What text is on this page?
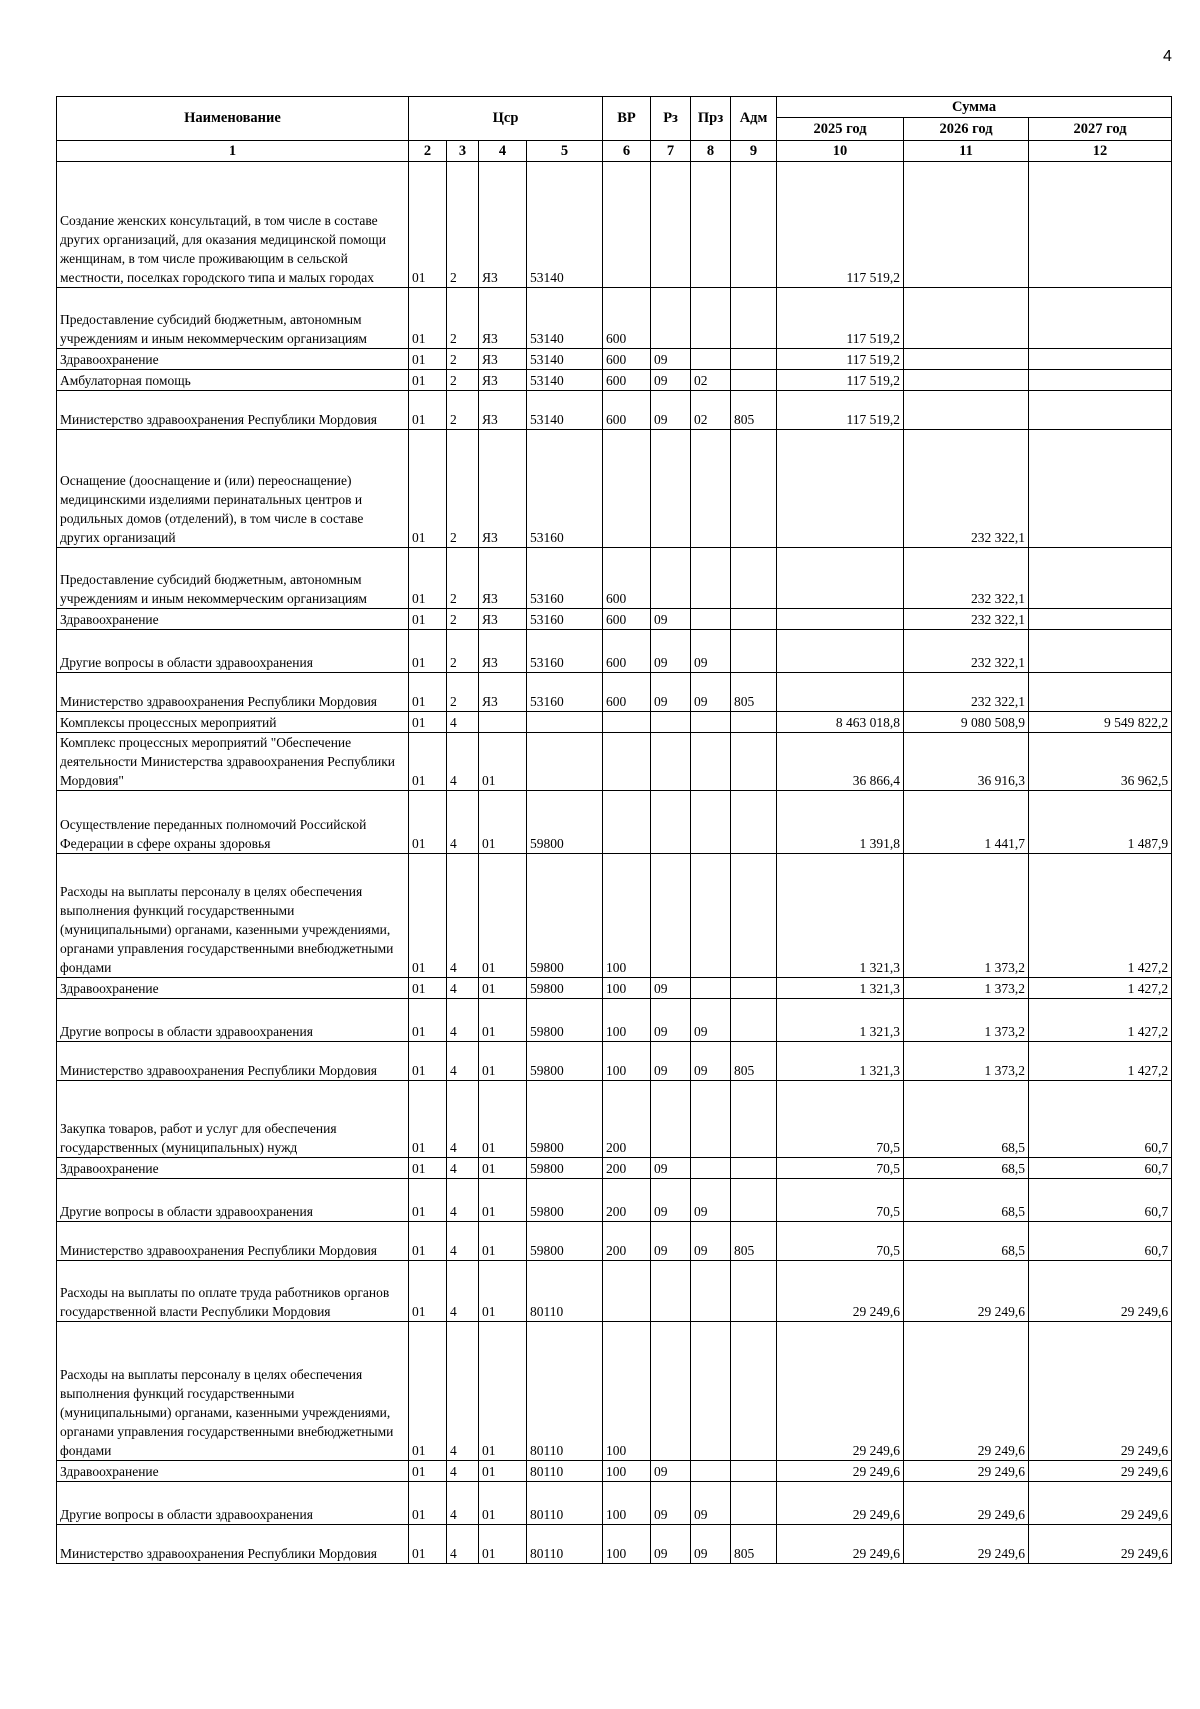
4
Наименование	Цср				ВР	Рз	Прз	Адм	Сумма		
									2025 год	2026 год	2027 год
1	2	3	4	5	6	7	8	9	10	11	12
Создание женских консультаций, в том числе в составе других организаций, для оказания медицинской помощи женщинам, в том числе проживающим в сельской местности, поселках городского типа и малых городах	01	2	Я3	53140					117 519,2		
Предоставление субсидий бюджетным, автономным учреждениям и иным некоммерческим организациям	01	2	Я3	53140	600				117 519,2		
Здравоохранение	01	2	Я3	53140	600	09			117 519,2		
Амбулаторная помощь	01	2	Я3	53140	600	09	02		117 519,2		
Министерство здравоохранения Республики Мордовия	01	2	Я3	53140	600	09	02	805	117 519,2		
Оснащение (дооснащение и (или) переоснащение) медицинскими изделиями перинатальных центров и родильных домов (отделений), в том числе в составе других организаций	01	2	Я3	53160						232 322,1	
Предоставление субсидий бюджетным, автономным учреждениям и иным некоммерческим организациям	01	2	Я3	53160	600					232 322,1	
Здравоохранение	01	2	Я3	53160	600	09				232 322,1	
Другие вопросы в области здравоохранения	01	2	Я3	53160	600	09	09			232 322,1	
Министерство здравоохранения Республики Мордовия	01	2	Я3	53160	600	09	09	805		232 322,1	
Комплексы процессных мероприятий	01	4							8 463 018,8	9 080 508,9	9 549 822,2
Комплекс процессных мероприятий "Обеспечение деятельности Министерства здравоохранения Республики Мордовия"	01	4	01						36 866,4	36 916,3	36 962,5
Осуществление переданных полномочий Российской Федерации в сфере охраны здоровья	01	4	01	59800					1 391,8	1 441,7	1 487,9
Расходы на выплаты персоналу в целях обеспечения выполнения функций государственными (муниципальными) органами, казенными учреждениями, органами управления государственными внебюджетными фондами	01	4	01	59800	100				1 321,3	1 373,2	1 427,2
Здравоохранение	01	4	01	59800	100	09			1 321,3	1 373,2	1 427,2
Другие вопросы в области здравоохранения	01	4	01	59800	100	09	09		1 321,3	1 373,2	1 427,2
Министерство здравоохранения Республики Мордовия	01	4	01	59800	100	09	09	805	1 321,3	1 373,2	1 427,2
Закупка товаров, работ и услуг для обеспечения государственных (муниципальных) нужд	01	4	01	59800	200				70,5	68,5	60,7
Здравоохранение	01	4	01	59800	200	09			70,5	68,5	60,7
Другие вопросы в области здравоохранения	01	4	01	59800	200	09	09		70,5	68,5	60,7
Министерство здравоохранения Республики Мордовия	01	4	01	59800	200	09	09	805	70,5	68,5	60,7
Расходы на выплаты по оплате труда работников органов государственной власти Республики Мордовия	01	4	01	80110					29 249,6	29 249,6	29 249,6
Расходы на выплаты персоналу в целях обеспечения выполнения функций государственными (муниципальными) органами, казенными учреждениями, органами управления государственными внебюджетными фондами	01	4	01	80110	100				29 249,6	29 249,6	29 249,6
Здравоохранение	01	4	01	80110	100	09			29 249,6	29 249,6	29 249,6
Другие вопросы в области здравоохранения	01	4	01	80110	100	09	09		29 249,6	29 249,6	29 249,6
Министерство здравоохранения Республики Мордовия	01	4	01	80110	100	09	09	805	29 249,6	29 249,6	29 249,6
